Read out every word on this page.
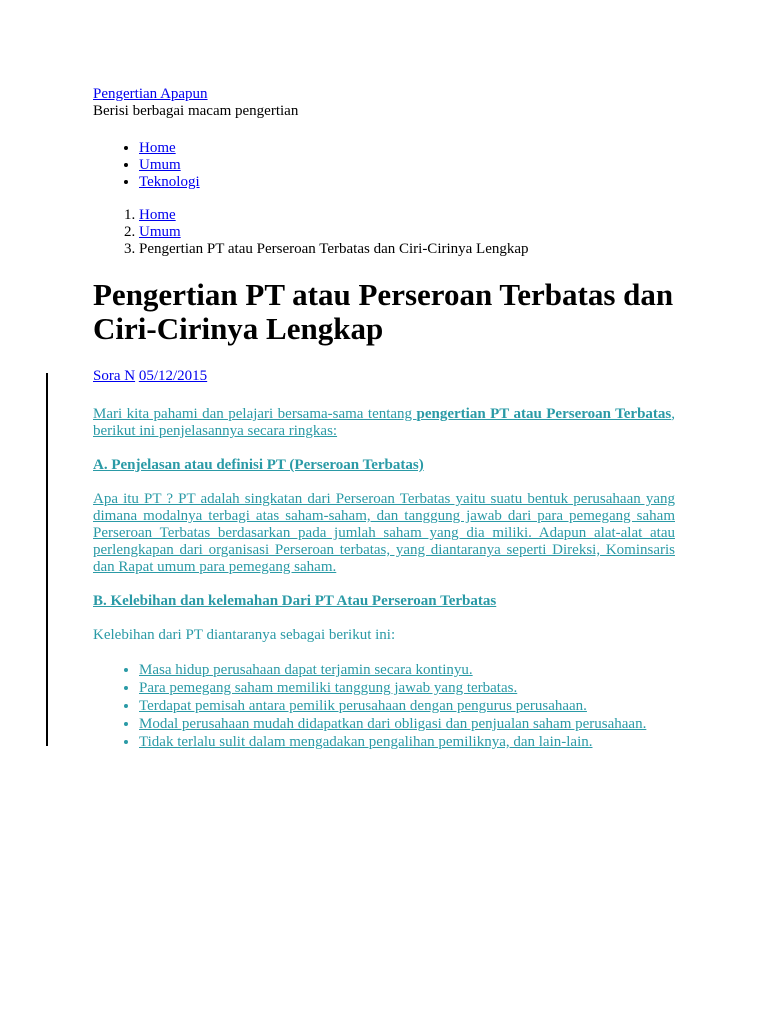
Pengertian Apapun

Berisi berbagai macam pengertian

• Home
• Umum
• Teknologi
1. Home
2. Umum
3. Pengertian PT atau Perseroan Terbatas dan Ciri-Cirinya Lengkap
Pengertian PT atau Perseroan Terbatas dan Ciri-Cirinya Lengkap

Sora N 05/12/2015

Mari kita pahami dan pelajari bersama-sama tentang pengertian PT atau Perseroan Terbatas, berikut ini penjelasannya secara ringkas:

A. Penjelasan atau definisi PT (Perseroan Terbatas)

Apa itu PT ? PT adalah singkatan dari Perseroan Terbatas yaitu suatu bentuk perusahaan yang dimana modalnya terbagi atas saham-saham, dan tanggung jawab dari para pemegang saham Perseroan Terbatas berdasarkan pada jumlah saham yang dia miliki. Adapun alat-alat atau perlengkapan dari organisasi Perseroan terbatas, yang diantaranya seperti Direksi, Kominsaris dan Rapat umum para pemegang saham.

B. Kelebihan dan kelemahan Dari PT Atau Perseroan Terbatas

Kelebihan dari PT diantaranya sebagai berikut ini:

• Masa hidup perusahaan dapat terjamin secara kontinyu.
• Para pemegang saham memiliki tanggung jawab yang terbatas.
• Terdapat pemisah antara pemilik perusahaan dengan pengurus perusahaan.
• Modal perusahaan mudah didapatkan dari obligasi dan penjualan saham perusahaan.
• Tidak terlalu sulit dalam mengadakan pengalihan pemiliknya, dan lain-lain.
